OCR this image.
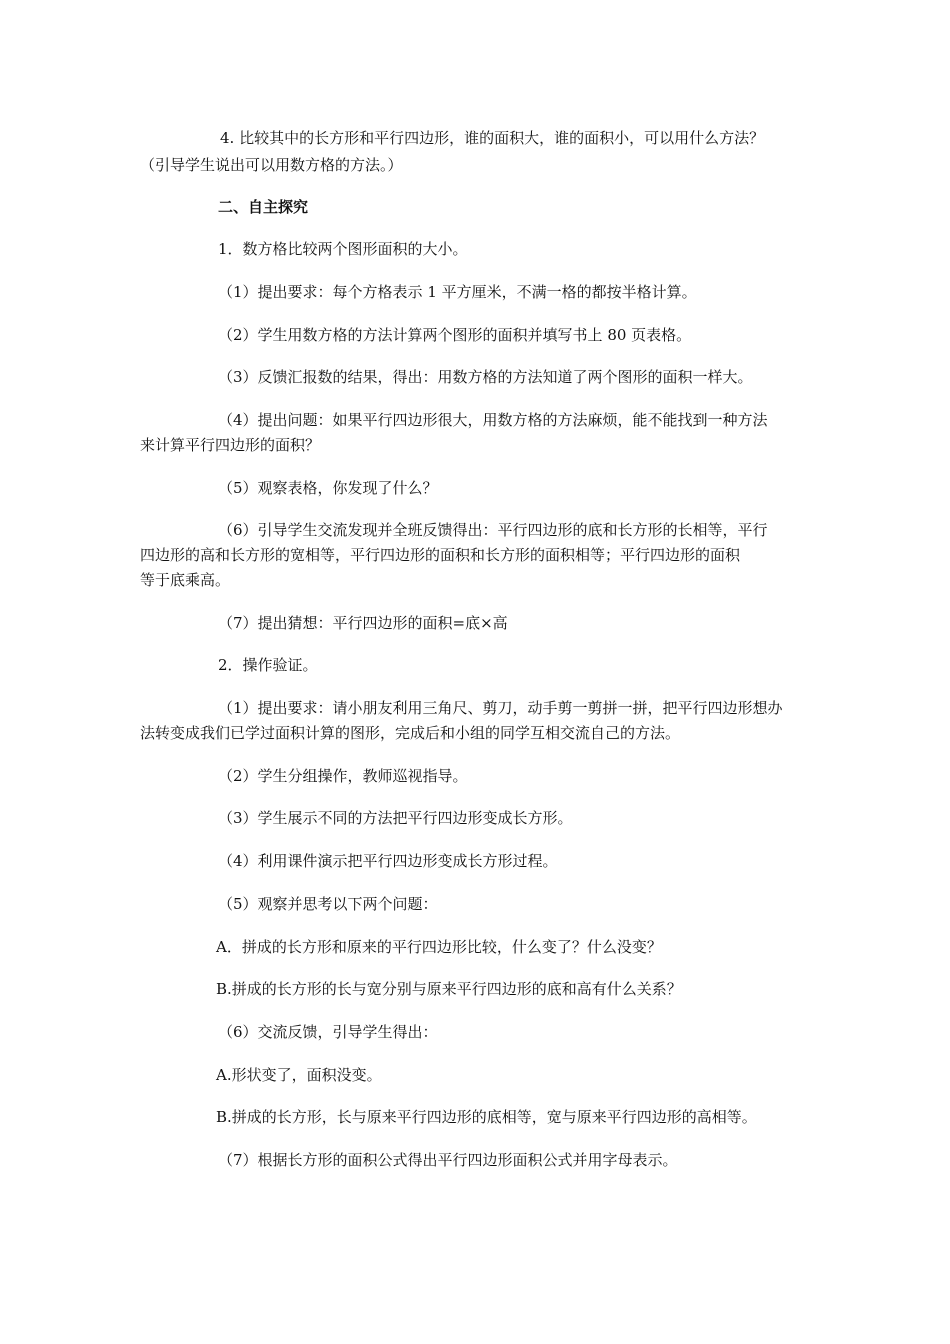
4. 比较其中的长方形和平行四边形，谁的面积大，谁的面积小，可以用什么方法？
（引导学生说出可以用数方格的方法。）
二、自主探究
1．数方格比较两个图形面积的大小。
（1）提出要求：每个方格表示 1 平方厘米，不满一格的都按半格计算。
（2）学生用数方格的方法计算两个图形的面积并填写书上 80 页表格。
（3）反馈汇报数的结果，得出：用数方格的方法知道了两个图形的面积一样大。
（4）提出问题：如果平行四边形很大，用数方格的方法麻烦，能不能找到一种方法
来计算平行四边形的面积？
（5）观察表格，你发现了什么？
（6）引导学生交流发现并全班反馈得出：平行四边形的底和长方形的长相等，平行
四边形的高和长方形的宽相等，平行四边形的面积和长方形的面积相等；平行四边形的面积
等于底乘高。
（7）提出猜想：平行四边形的面积=底×高
2．操作验证。
（1）提出要求：请小朋友利用三角尺、剪刀，动手剪一剪拼一拼，把平行四边形想办
法转变成我们已学过面积计算的图形，完成后和小组的同学互相交流自己的方法。
（2）学生分组操作，教师巡视指导。
（3）学生展示不同的方法把平行四边形变成长方形。
（4）利用课件演示把平行四边形变成长方形过程。
（5）观察并思考以下两个问题：
A．拼成的长方形和原来的平行四边形比较，什么变了？什么没变？
B.拼成的长方形的长与宽分别与原来平行四边形的底和高有什么关系？
（6）交流反馈，引导学生得出：
A.形状变了，面积没变。
B.拼成的长方形，长与原来平行四边形的底相等，宽与原来平行四边形的高相等。
（7）根据长方形的面积公式得出平行四边形面积公式并用字母表示。
